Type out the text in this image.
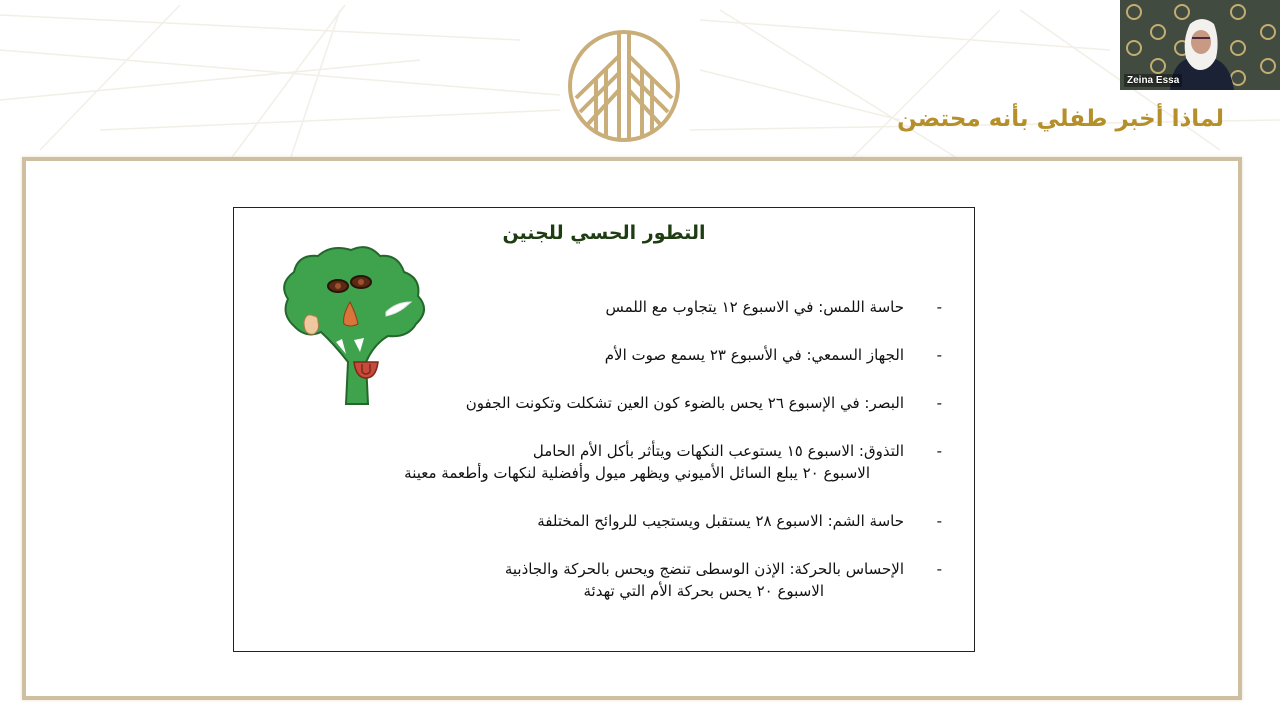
لماذا أخبر طفلي بأنه محتضن
التطور الحسي للجنين
-
حاسة اللمس: في الاسبوع ١٢ يتجاوب مع اللمس
-
الجهاز السمعي: في الأسبوع ٢٣ يسمع صوت الأم
-
البصر: في الإسبوع ٢٦ يحس بالضوء كون العين تشكلت وتكونت الجفون
-
التذوق: الاسبوع ١٥ يستوعب النكهات ويتأثر بأكل الأم الحامل
الاسبوع ٢٠ يبلع السائل الأميوني ويظهر ميول وأفضلية لنكهات وأطعمة معينة
-
حاسة الشم: الاسبوع ٢٨ يستقبل ويستجيب للروائح المختلفة
-
الإحساس بالحركة: الإذن الوسطى تنضج ويحس بالحركة والجاذبية
الاسبوع ٢٠ يحس بحركة الأم التي تهدئة
Zeina Essa
